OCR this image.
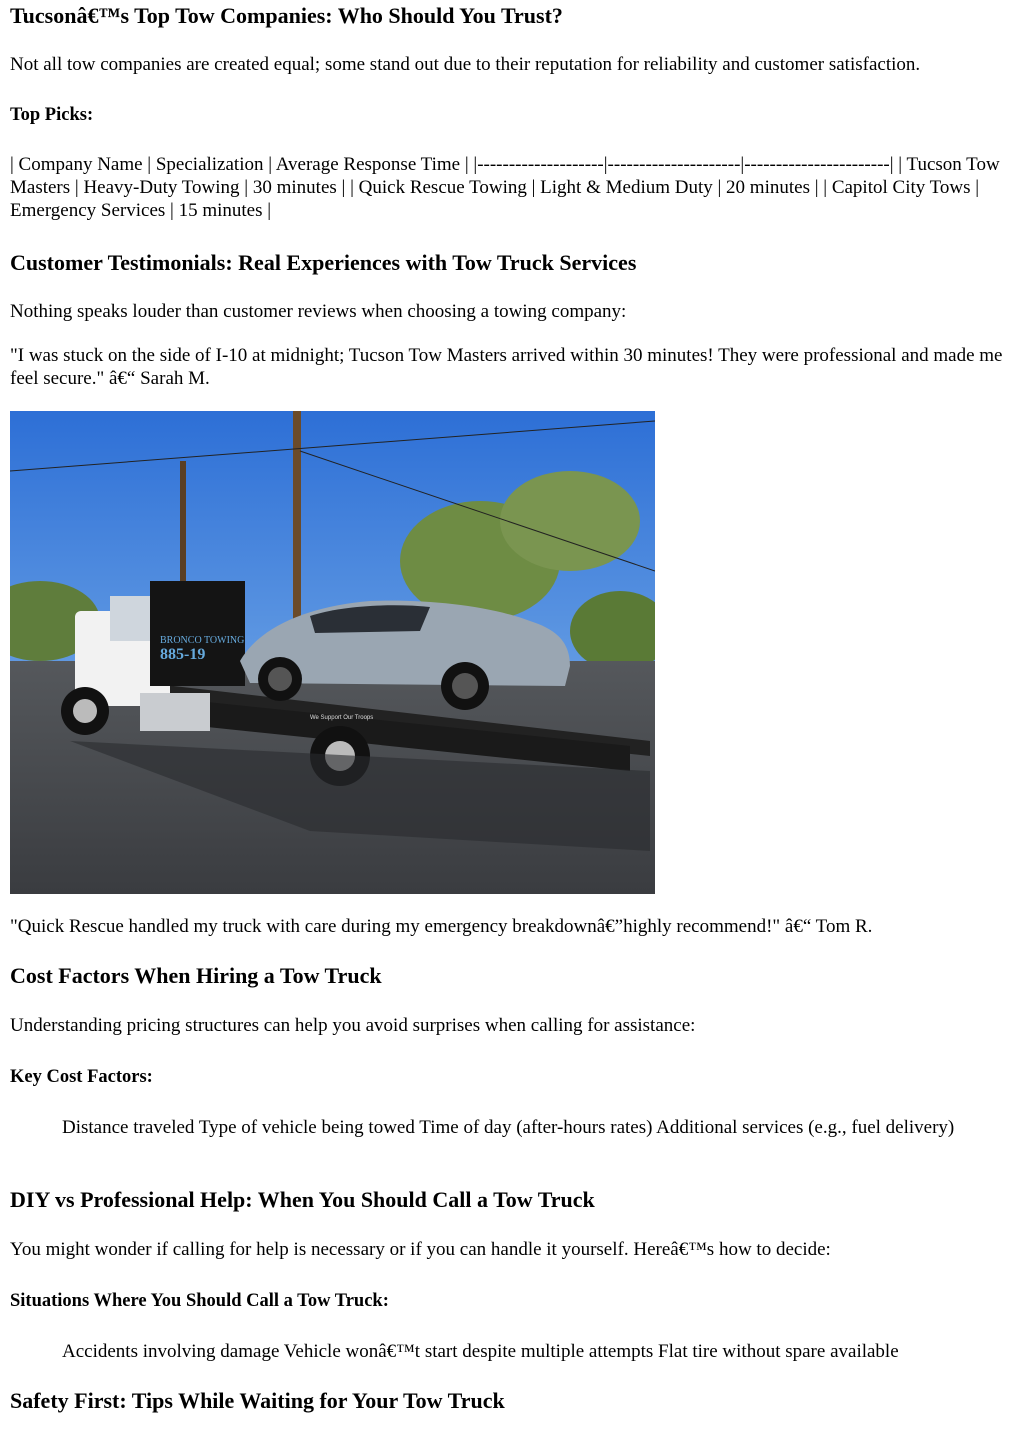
Tucsonâ€™s Top Tow Companies: Who Should You Trust?

Not all tow companies are created equal; some stand out due to their reputation for reliability and customer satisfaction.

Top Picks:

| Company Name | Specialization | Average Response Time | |--------------------|---------------------|-----------------------| | Tucson Tow Masters | Heavy-Duty Towing | 30 minutes | | Quick Rescue Towing | Light & Medium Duty | 20 minutes | | Capitol City Tows | Emergency Services | 15 minutes |

Customer Testimonials: Real Experiences with Tow Truck Services

Nothing speaks louder than customer reviews when choosing a towing company:

"I was stuck on the side of I-10 at midnight; Tucson Tow Masters arrived within 30 minutes! They were professional and made me feel secure." â€“ Sarah M.

We Support Our Troops
BRONCO TOWING
885-19

"Quick Rescue handled my truck with care during my emergency breakdownâ€”highly recommend!" â€“ Tom R.

Cost Factors When Hiring a Tow Truck

Understanding pricing structures can help you avoid surprises when calling for assistance:

Key Cost Factors:

Distance traveled Type of vehicle being towed Time of day (after-hours rates) Additional services (e.g., fuel delivery)

DIY vs Professional Help: When You Should Call a Tow Truck

You might wonder if calling for help is necessary or if you can handle it yourself. Hereâ€™s how to decide:

Situations Where You Should Call a Tow Truck:

Accidents involving damage Vehicle wonâ€™t start despite multiple attempts Flat tire without spare available

Safety First: Tips While Waiting for Your Tow Truck
